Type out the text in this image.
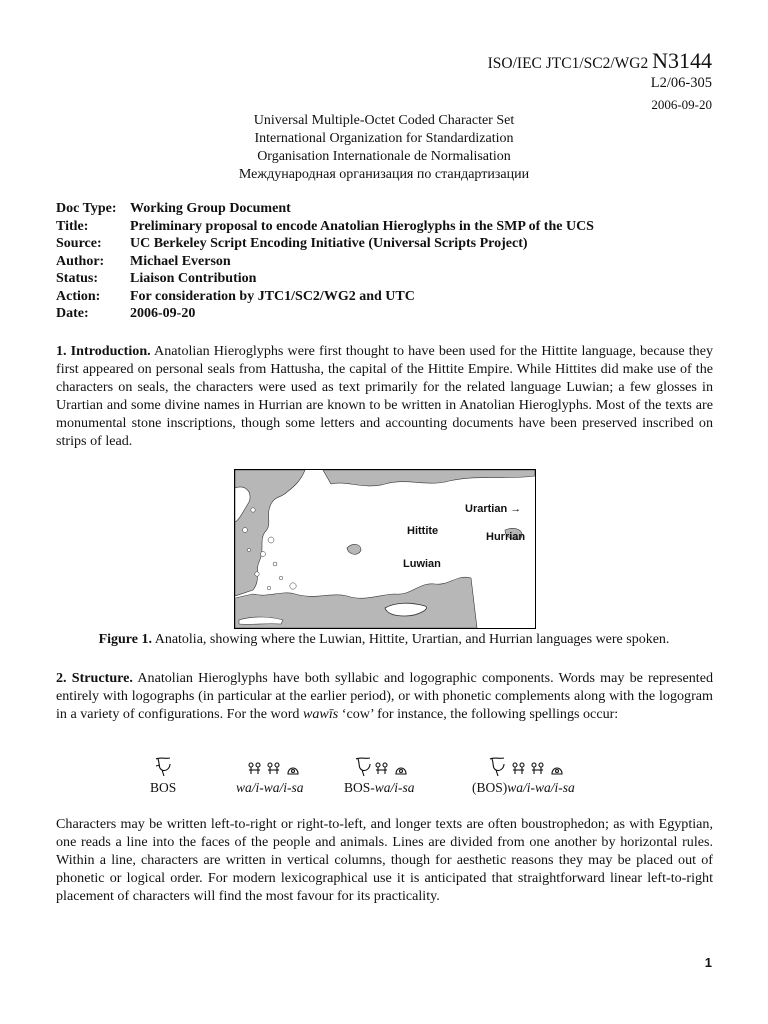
ISO/IEC JTC1/SC2/WG2 N3144
L2/06-305
2006-09-20
Universal Multiple-Octet Coded Character Set
International Organization for Standardization
Organisation Internationale de Normalisation
Международная организация по стандартизации
Doc Type:	Working Group Document
Title:	Preliminary proposal to encode Anatolian Hieroglyphs in the SMP of the UCS
Source:	UC Berkeley Script Encoding Initiative (Universal Scripts Project)
Author:	Michael Everson
Status:	Liaison Contribution
Action:	For consideration by JTC1/SC2/WG2 and UTC
Date:	2006-09-20
1. Introduction. Anatolian Hieroglyphs were first thought to have been used for the Hittite language, because they first appeared on personal seals from Hattusha, the capital of the Hittite Empire. While Hittites did make use of the characters on seals, the characters were used as text primarily for the related language Luwian; a few glosses in Urartian and some divine names in Hurrian are known to be written in Anatolian Hieroglyphs. Most of the texts are monumental stone inscriptions, though some letters and accounting documents have been preserved inscribed on strips of lead.
Urartian →
Hittite	Hurrian
Luwian
Figure 1. Anatolia, showing where the Luwian, Hittite, Urartian, and Hurrian languages were spoken.
2. Structure. Anatolian Hieroglyphs have both syllabic and logographic components. Words may be represented entirely with logographs (in particular at the earlier period), or with phonetic complements along with the logogram in a variety of configurations. For the word wawīs ‘cow’ for instance, the following spellings occur:
BOS	wa/i-wa/i-sa	BOS-wa/i-sa	(BOS)wa/i-wa/i-sa
Characters may be written left-to-right or right-to-left, and longer texts are often boustrophedon; as with Egyptian, one reads a line into the faces of the people and animals. Lines are divided from one another by horizontal rules. Within a line, characters are written in vertical columns, though for aesthetic reasons they may be placed out of phonetic or logical order. For modern lexicographical use it is anticipated that straightforward linear left-to-right placement of characters will find the most favour for its practicality.
1
